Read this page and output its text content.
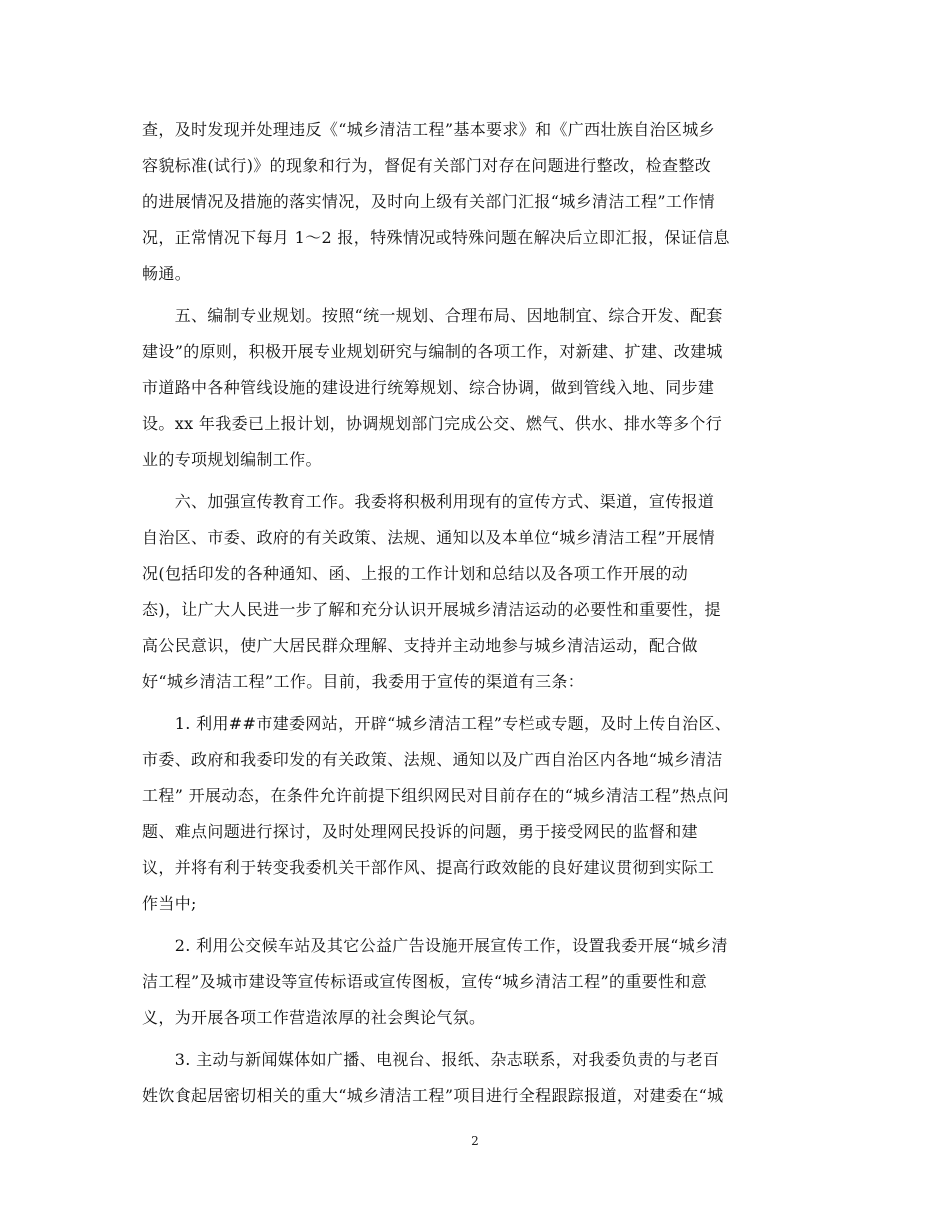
查，及时发现并处理违反《“城乡清洁工程”基本要求》和《广西壮族自治区城乡
容貌标准(试行)》的现象和行为，督促有关部门对存在问题进行整改，检查整改
的进展情况及措施的落实情况，及时向上级有关部门汇报“城乡清洁工程”工作情
况，正常情况下每月 1～2 报，特殊情况或特殊问题在解决后立即汇报，保证信息
畅通。
　　五、编制专业规划。按照“统一规划、合理布局、因地制宜、综合开发、配套
建设”的原则，积极开展专业规划研究与编制的各项工作，对新建、扩建、改建城
市道路中各种管线设施的建设进行统筹规划、综合协调，做到管线入地、同步建
设。xx 年我委已上报计划，协调规划部门完成公交、燃气、供水、排水等多个行
业的专项规划编制工作。
　　六、加强宣传教育工作。我委将积极利用现有的宣传方式、渠道，宣传报道
自治区、市委、政府的有关政策、法规、通知以及本单位“城乡清洁工程”开展情
况(包括印发的各种通知、函、上报的工作计划和总结以及各项工作开展的动
态)，让广大人民进一步了解和充分认识开展城乡清洁运动的必要性和重要性，提
高公民意识，使广大居民群众理解、支持并主动地参与城乡清洁运动，配合做
好“城乡清洁工程”工作。目前，我委用于宣传的渠道有三条：
　　1. 利用##市建委网站，开辟“城乡清洁工程”专栏或专题，及时上传自治区、
市委、政府和我委印发的有关政策、法规、通知以及广西自治区内各地“城乡清洁
工程” 开展动态，在条件允许前提下组织网民对目前存在的“城乡清洁工程”热点问
题、难点问题进行探讨，及时处理网民投诉的问题，勇于接受网民的监督和建
议，并将有利于转变我委机关干部作风、提高行政效能的良好建议贯彻到实际工
作当中;
　　2. 利用公交候车站及其它公益广告设施开展宣传工作，设置我委开展“城乡清
洁工程”及城市建设等宣传标语或宣传图板，宣传“城乡清洁工程”的重要性和意
义，为开展各项工作营造浓厚的社会舆论气氛。
　　3. 主动与新闻媒体如广播、电视台、报纸、杂志联系，对我委负责的与老百
姓饮食起居密切相关的重大“城乡清洁工程”项目进行全程跟踪报道，对建委在“城
2
